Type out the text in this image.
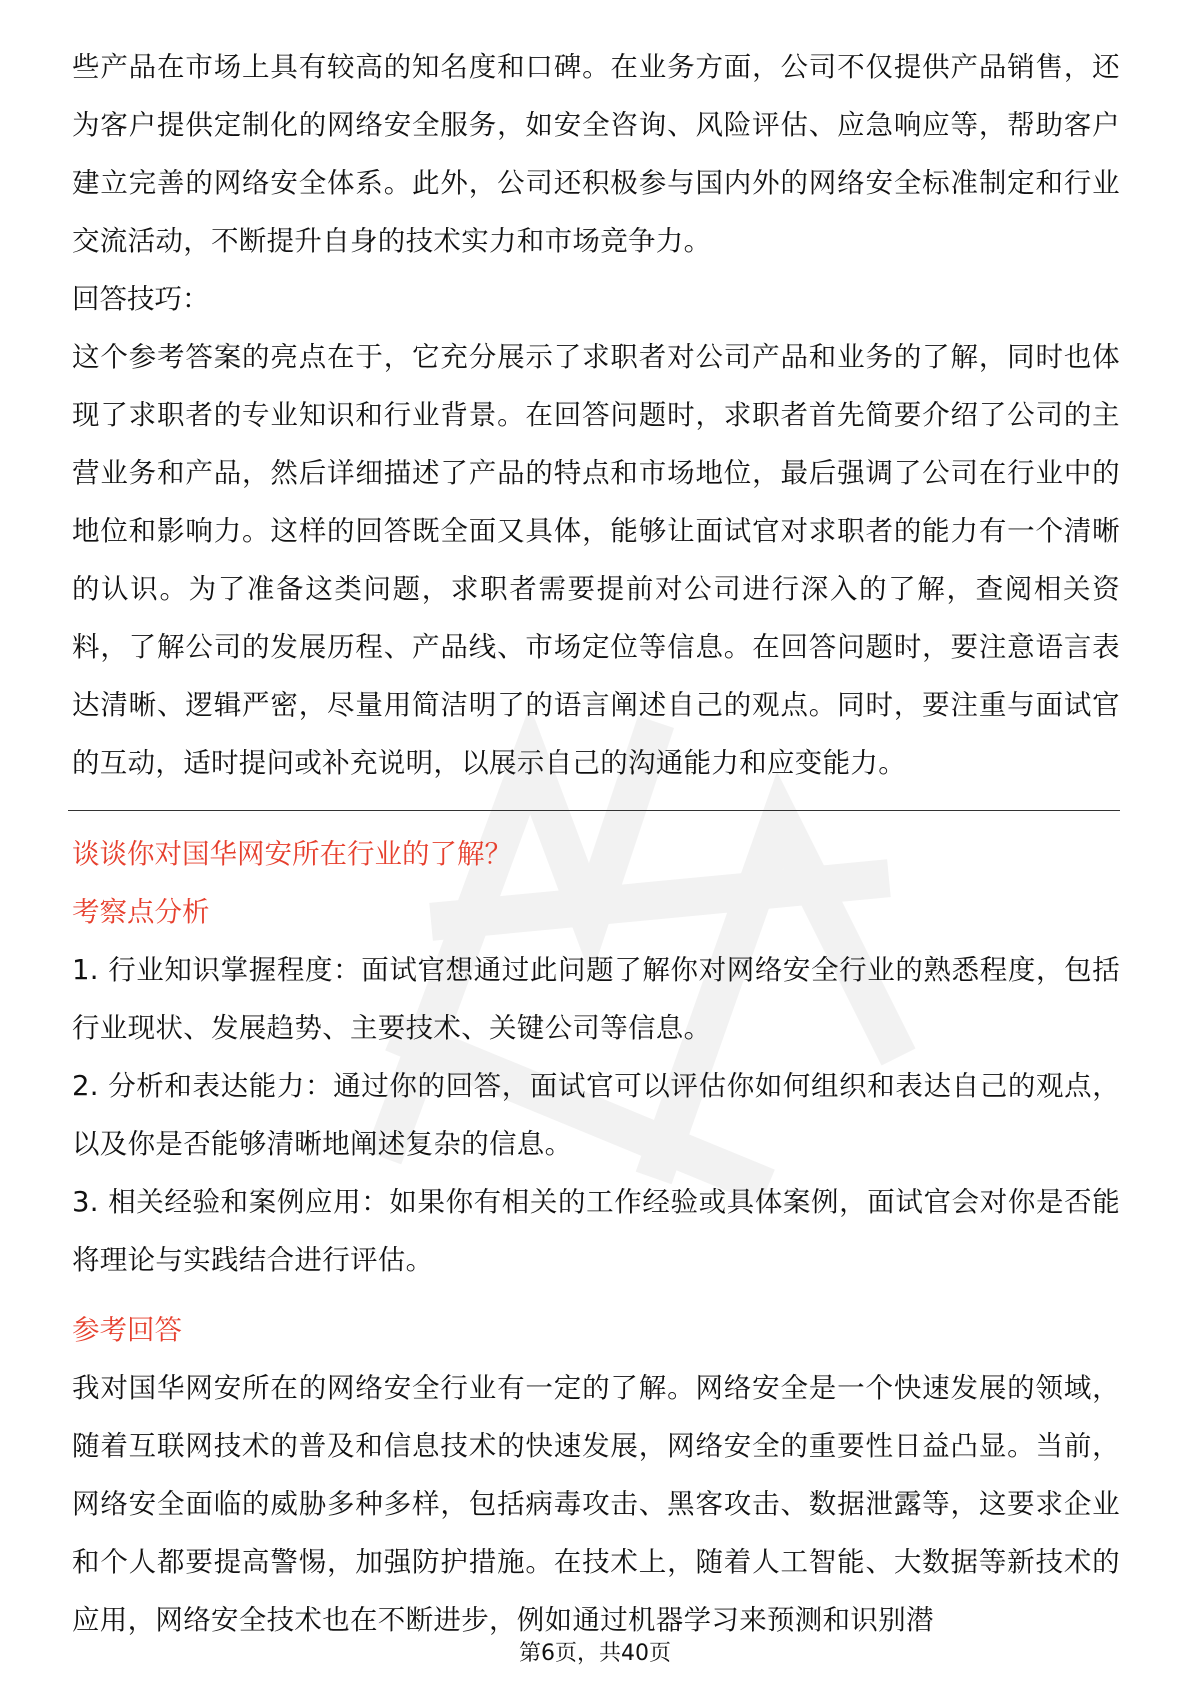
些产品在市场上具有较高的知名度和口碑。在业务方面，公司不仅提供产品销售，还为客户提供定制化的网络安全服务，如安全咨询、风险评估、应急响应等，帮助客户建立完善的网络安全体系。此外，公司还积极参与国内外的网络安全标准制定和行业交流活动，不断提升自身的技术实力和市场竞争力。

回答技巧：

这个参考答案的亮点在于，它充分展示了求职者对公司产品和业务的了解，同时也体现了求职者的专业知识和行业背景。在回答问题时，求职者首先简要介绍了公司的主营业务和产品，然后详细描述了产品的特点和市场地位，最后强调了公司在行业中的地位和影响力。这样的回答既全面又具体，能够让面试官对求职者的能力有一个清晰的认识。为了准备这类问题，求职者需要提前对公司进行深入的了解，查阅相关资料，了解公司的发展历程、产品线、市场定位等信息。在回答问题时，要注意语言表达清晰、逻辑严密，尽量用简洁明了的语言阐述自己的观点。同时，要注重与面试官的互动，适时提问或补充说明，以展示自己的沟通能力和应变能力。

谈谈你对国华网安所在行业的了解？

考察点分析

1. 行业知识掌握程度：面试官想通过此问题了解你对网络安全行业的熟悉程度，包括行业现状、发展趋势、主要技术、关键公司等信息。

2. 分析和表达能力：通过你的回答，面试官可以评估你如何组织和表达自己的观点，以及你是否能够清晰地阐述复杂的信息。

3. 相关经验和案例应用：如果你有相关的工作经验或具体案例，面试官会对你是否能将理论与实践结合进行评估。

参考回答

我对国华网安所在的网络安全行业有一定的了解。网络安全是一个快速发展的领域，随着互联网技术的普及和信息技术的快速发展，网络安全的重要性日益凸显。当前，网络安全面临的威胁多种多样，包括病毒攻击、黑客攻击、数据泄露等，这要求企业和个人都要提高警惕，加强防护措施。在技术上，随着人工智能、大数据等新技术的应用，网络安全技术也在不断进步，例如通过机器学习来预测和识别潜

第6页，共40页
